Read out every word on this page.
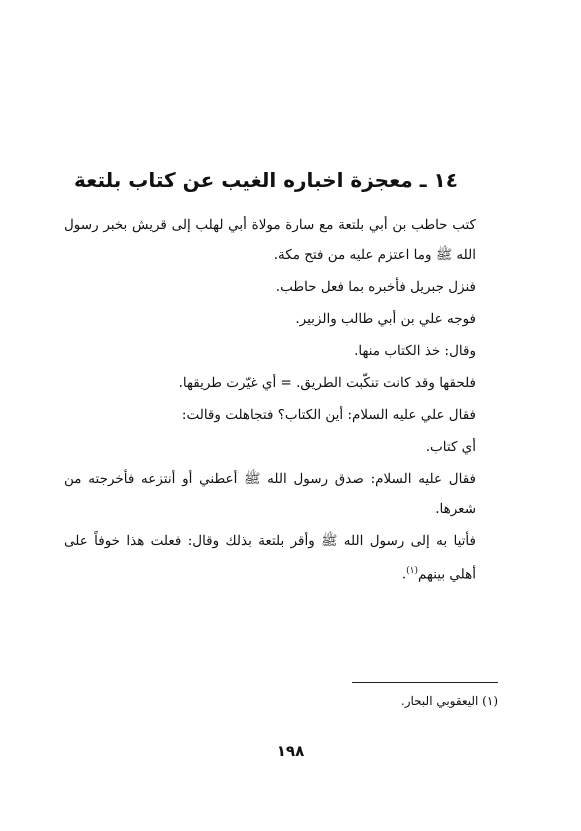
١٤ ـ معجزة اخباره الغيب عن كتاب بلتعة

كتب حاطب بن أبي بلتعة مع سارة مولاة أبي لهلب إلى قريش بخبر رسول الله ﷺ وما اعتزم عليه من فتح مكة.

فنزل جبريل فأخبره بما فعل حاطب.

فوجه علي بن أبي طالب والزبير.

وقال: خذ الكتاب منها.

فلحقها وقد كانت تنكّبت الطريق. = أي غيّرت طريقها.

فقال علي عليه السلام: أين الكتاب؟ فتجاهلت وقالت:

أي كتاب.

فقال عليه السلام: صدق رسول الله ﷺ أعطني أو أنتزعه فأخرجته من شعرها.

فأتيا به إلى رسول الله ﷺ وأقر بلتعة بذلك وقال: فعلت هذا خوفاً على أهلي بينهم$^{(١)}$.

(١) اليعقوبي البحار.
١٩٨
